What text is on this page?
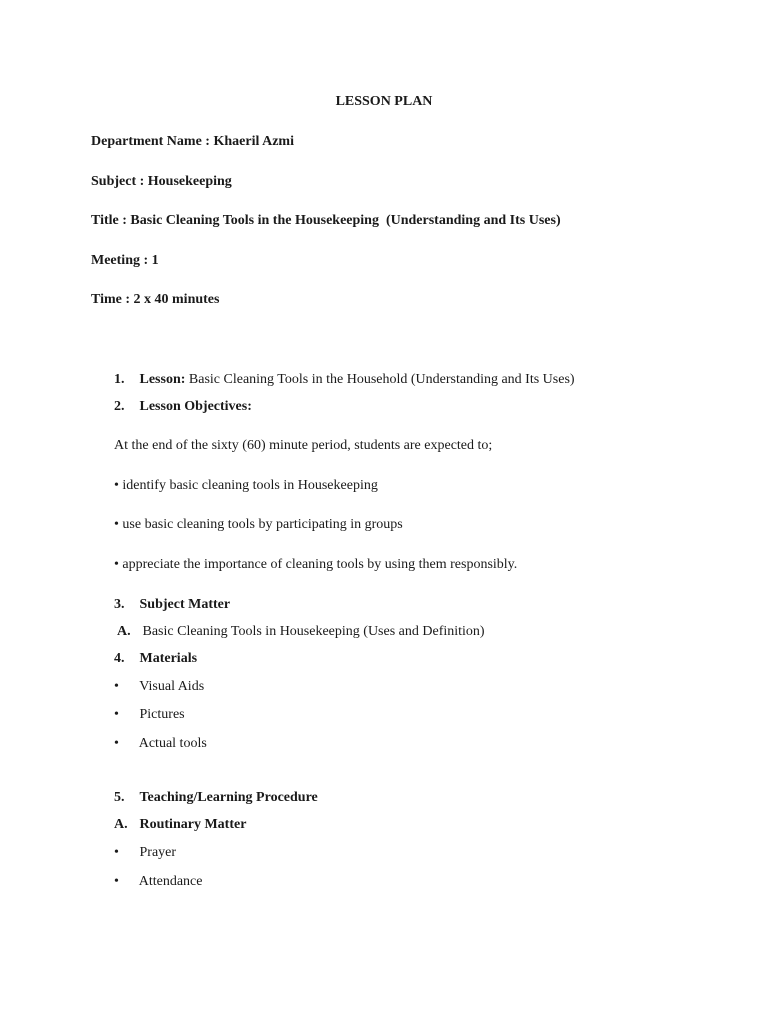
LESSON PLAN
Department Name : Khaeril Azmi
Subject : Housekeeping
Title : Basic Cleaning Tools in the Housekeeping  (Understanding and Its Uses)
Meeting : 1
Time : 2 x 40 minutes
1. Lesson: Basic Cleaning Tools in the Household (Understanding and Its Uses)
2. Lesson Objectives:
At the end of the sixty (60) minute period, students are expected to;
• identify basic cleaning tools in Housekeeping
• use basic cleaning tools by participating in groups
• appreciate the importance of cleaning tools by using them responsibly.
3. Subject Matter
A. Basic Cleaning Tools in Housekeeping (Uses and Definition)
4. Materials
• Visual Aids
• Pictures
• Actual tools
5. Teaching/Learning Procedure
A. Routinary Matter
• Prayer
• Attendance
